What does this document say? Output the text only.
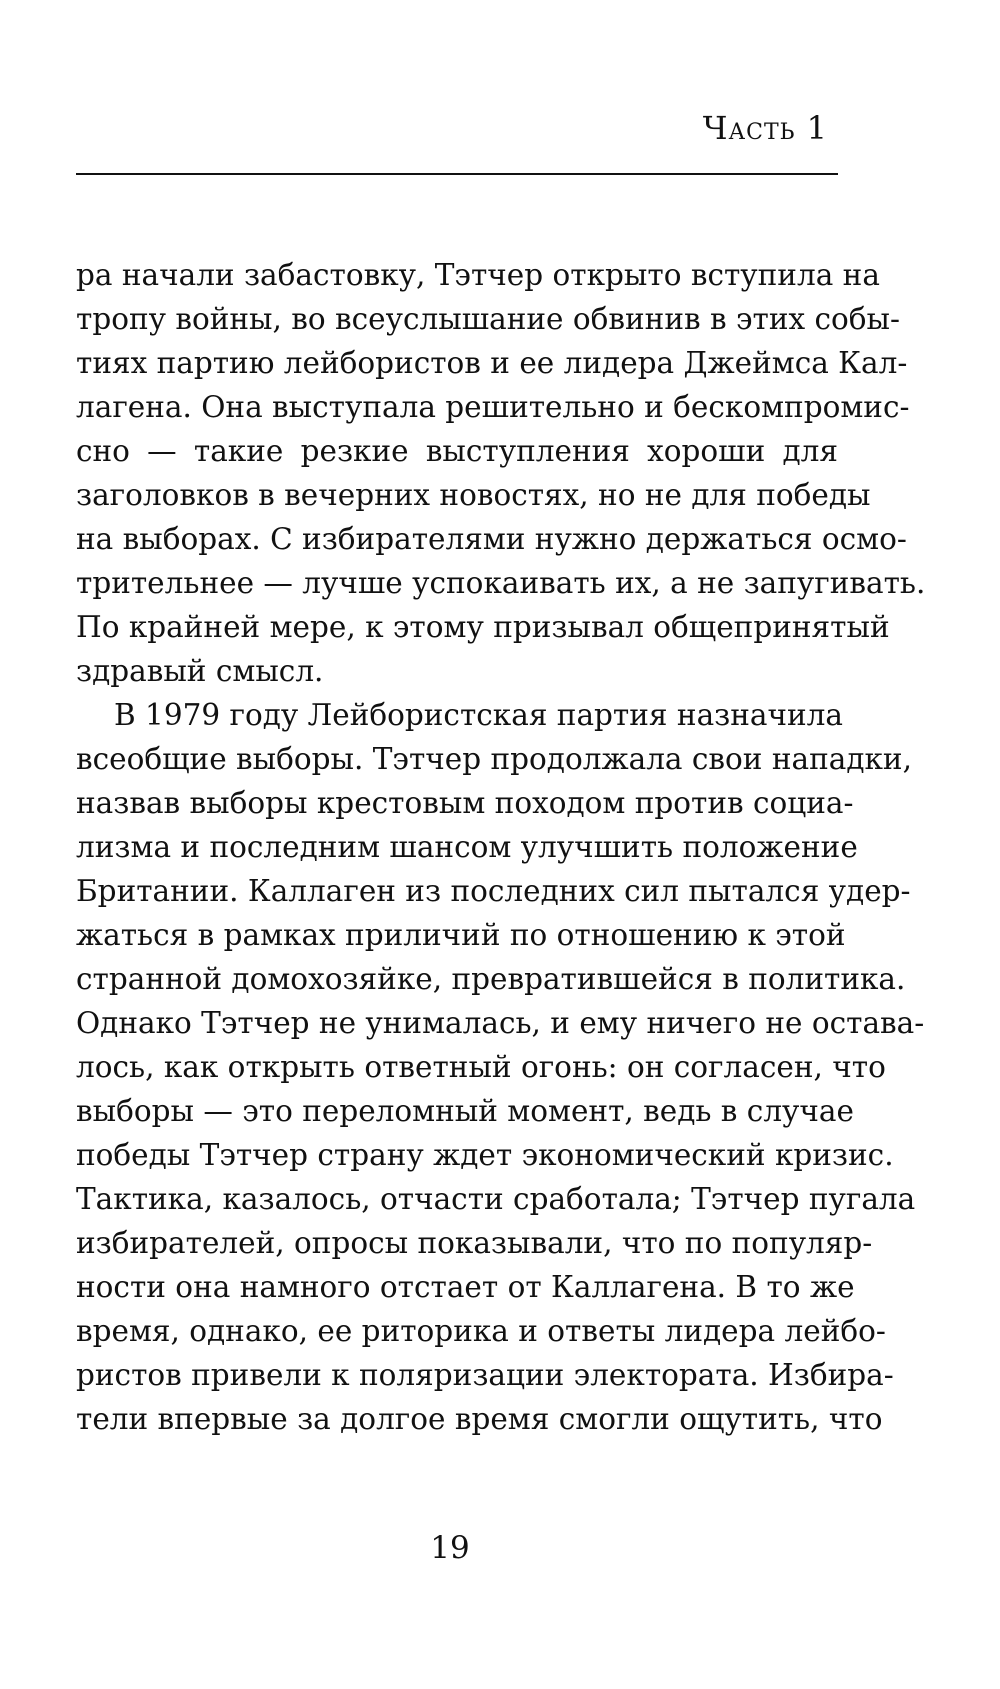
Часть 1
ра начали забастовку, Тэтчер открыто вступила на
тропу войны, во всеуслышание обвинив в этих собы-
тиях партию лейбористов и ее лидера Джеймса Кал-
лагена. Она выступала решительно и бескомпромис-
сно — такие резкие выступления хороши для
заголовков в вечерних новостях, но не для победы
на выборах. С избирателями нужно держаться осмо-
трительнее — лучше успокаивать их, а не запугивать.
По крайней мере, к этому призывал общепринятый
здравый смысл.
В 1979 году Лейбористская партия назначила
всеобщие выборы. Тэтчер продолжала свои нападки,
назвав выборы крестовым походом против социа-
лизма и последним шансом улучшить положение
Британии. Каллаген из последних сил пытался удер-
жаться в рамках приличий по отношению к этой
странной домохозяйке, превратившейся в политика.
Однако Тэтчер не унималась, и ему ничего не остава-
лось, как открыть ответный огонь: он согласен, что
выборы — это переломный момент, ведь в случае
победы Тэтчер страну ждет экономический кризис.
Тактика, казалось, отчасти сработала; Тэтчер пугала
избирателей, опросы показывали, что по популяр-
ности она намного отстает от Каллагена. В то же
время, однако, ее риторика и ответы лидера лейбо-
ристов привели к поляризации электората. Избира-
тели впервые за долгое время смогли ощутить, что
19
